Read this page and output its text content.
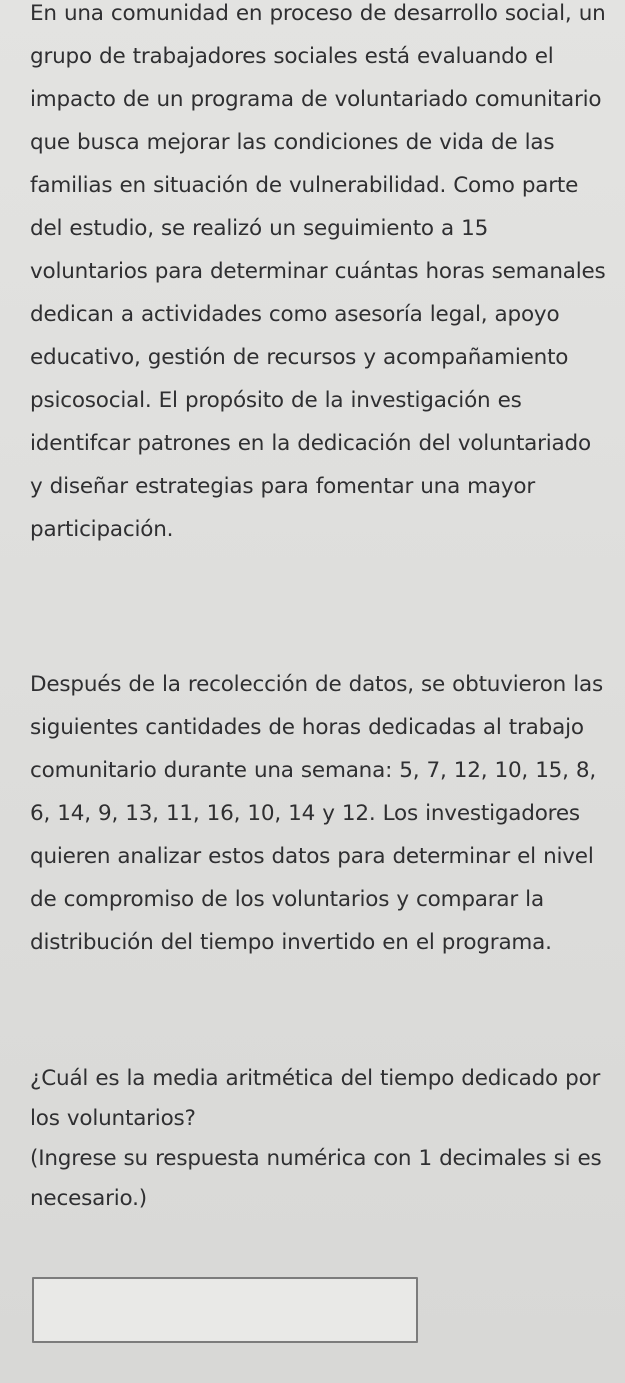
En una comunidad en proceso de desarrollo social, un grupo de trabajadores sociales está evaluando el impacto de un programa de voluntariado comunitario que busca mejorar las condiciones de vida de las familias en situación de vulnerabilidad. Como parte del estudio, se realizó un seguimiento a 15 voluntarios para determinar cuántas horas semanales dedican a actividades como asesoría legal, apoyo educativo, gestión de recursos y acompañamiento psicosocial. El propósito de la investigación es identifcar patrones en la dedicación del voluntariado y diseñar estrategias para fomentar una mayor participación.

Después de la recolección de datos, se obtuvieron las siguientes cantidades de horas dedicadas al trabajo comunitario durante una semana: 5, 7, 12, 10, 15, 8, 6, 14, 9, 13, 11, 16, 10, 14 y 12. Los investigadores quieren analizar estos datos para determinar el nivel de compromiso de los voluntarios y comparar la distribución del tiempo invertido en el programa.

¿Cuál es la media aritmética del tiempo dedicado por los voluntarios?

(Ingrese su respuesta numérica con 1 decimales si es necesario.)
